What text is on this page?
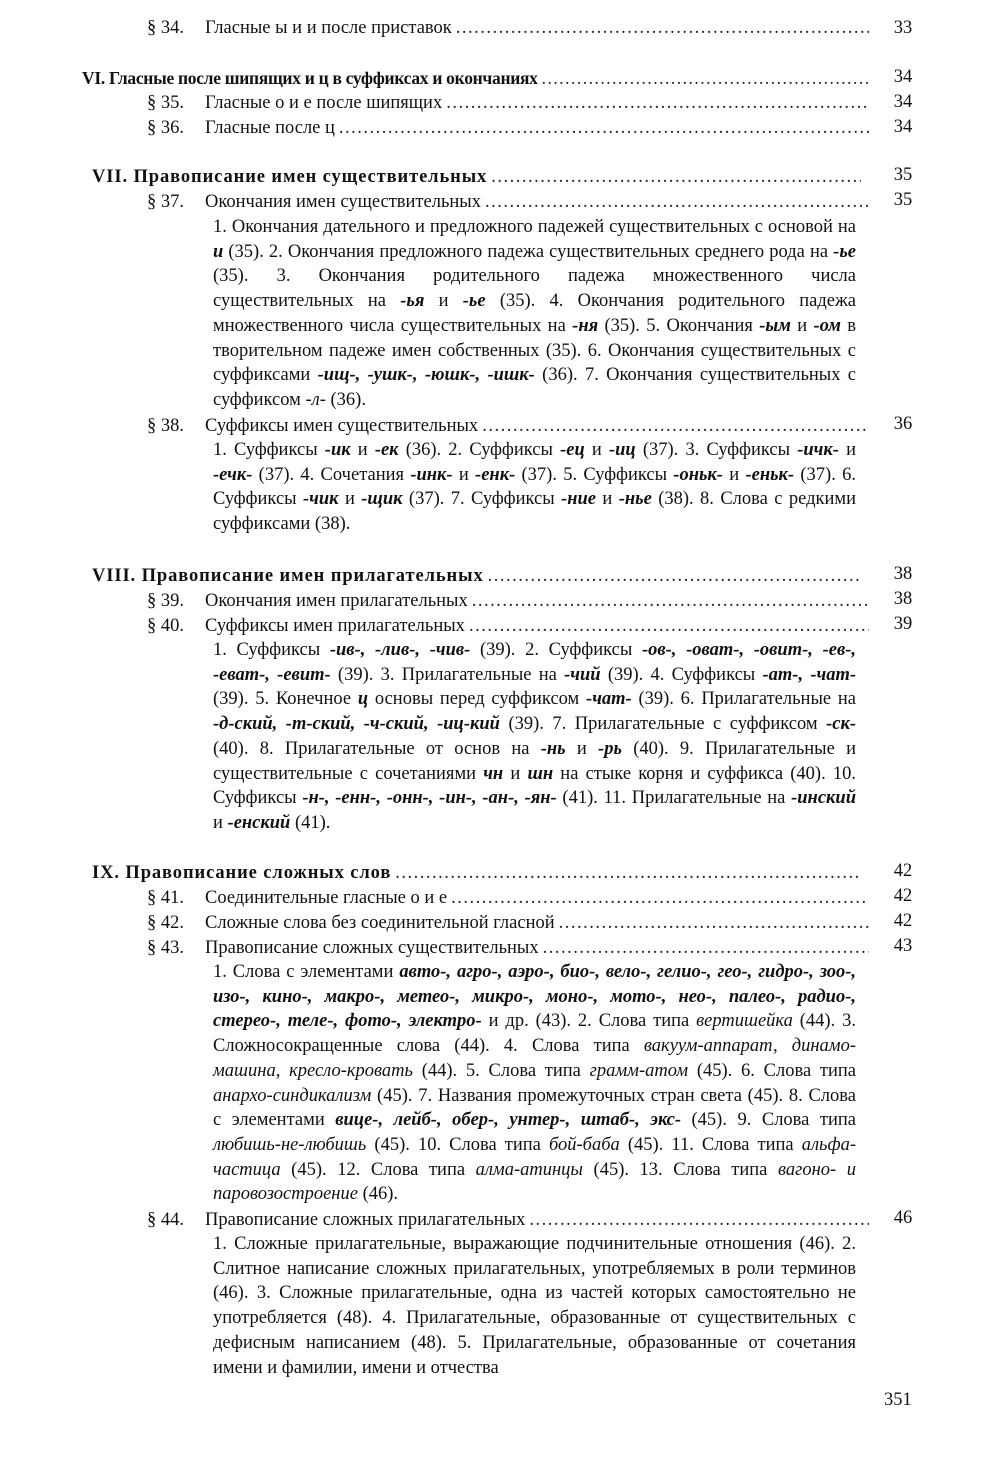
§ 34.	Гласные ы и и после приставок .....	33
VI. Гласные после шипящих и ц в суффиксах и окончаниях .....	34
§ 35.	Гласные о и е после шипящих .....	34
§ 36.	Гласные после ц .....	34
VII. Правописание имен существительных .....	35
§ 37.	Окончания имен существительных .....	35
1. Окончания дательного и предложного падежей существительных с основой на и (35). 2. Окончания предложного падежа существительных среднего рода на -ье (35). 3. Окончания родительного падежа множественного числа существительных на -ья и -ье (35). 4. Окончания родительного падежа множественного числа существительных на -ня (35). 5. Окончания -ым и -ом в творительном падеже имен собственных (35). 6. Окончания существительных с суффиксами -ищ-, -ушк-, -юшк-, -ишк- (36). 7. Окончания существительных с суффиксом -л- (36).
§ 38.	Суффиксы имен существительных .....	36
1. Суффиксы -ик и -ек (36). 2. Суффиксы -ец и -иц (37). 3. Суффиксы -ичк- и -ечк- (37). 4. Сочетания -инк- и -енк- (37). 5. Суффиксы -оньк- и -еньк- (37). 6. Суффиксы -чик и -щик (37). 7. Суффиксы -ние и -нье (38). 8. Слова с редкими суффиксами (38).
VIII. Правописание имен прилагательных .....	38
§ 39.	Окончания имен прилагательных .....	38
§ 40.	Суффиксы имен прилагательных .....	39
1. Суффиксы -ив-, -лив-, -чив- (39). 2. Суффиксы -ов-, -оват-, -овит-, -ев-, -еват-, -евит- (39). 3. Прилагательные на -чий (39). 4. Суффиксы -ат-, -чат- (39). 5. Конечное ц основы перед суффиксом -чат- (39). 6. Прилагательные на -д-ский, -т-ский, -ч-ский, -иц-кий (39). 7. Прилагательные с суффиксом -ск- (40). 8. Прилагательные от основ на -нь и -рь (40). 9. Прилагательные и существительные с сочетаниями чн и шн на стыке корня и суффикса (40). 10. Суффиксы -н-, -енн-, -онн-, -ин-, -ан-, -ян- (41). 11. Прилагательные на -инский и -енский (41).
IX. Правописание сложных слов .....	42
§ 41.	Соединительные гласные о и е .....	42
§ 42.	Сложные слова без соединительной гласной .....	42
§ 43.	Правописание сложных существительных .....	43
1. Слова с элементами авто-, агро-, аэро-, био-, вело-, гелио-, гео-, гидро-, зоо-, изо-, кино-, макро-, метео-, микро-, моно-, мото-, нео-, палео-, радио-, стерео-, теле-, фото-, электро- и др. (43). 2. Слова типа вертишейка (44). 3. Сложносокращенные слова (44). 4. Слова типа вакуум-аппарат, динамо-машина, кресло-кровать (44). 5. Слова типа грамм-атом (45). 6. Слова типа анархо-синдикализм (45). 7. Названия промежуточных стран света (45). 8. Слова с элементами вице-, лейб-, обер-, унтер-, штаб-, экс- (45). 9. Слова типа любишь-не-любишь (45). 10. Слова типа бой-баба (45). 11. Слова типа альфа-частица (45). 12. Слова типа алма-атинцы (45). 13. Слова типа вагоно- и паровозостроение (46).
§ 44.	Правописание сложных прилагательных .....	46
1. Сложные прилагательные, выражающие подчинительные отношения (46). 2. Слитное написание сложных прилагательных, употребляемых в роли терминов (46). 3. Сложные прилагательные, одна из частей которых самостоятельно не употребляется (48). 4. Прилагательные, образованные от существительных с дефисным написанием (48). 5. Прилагательные, образованные от сочетания имени и фамилии, имени и отчества
351
